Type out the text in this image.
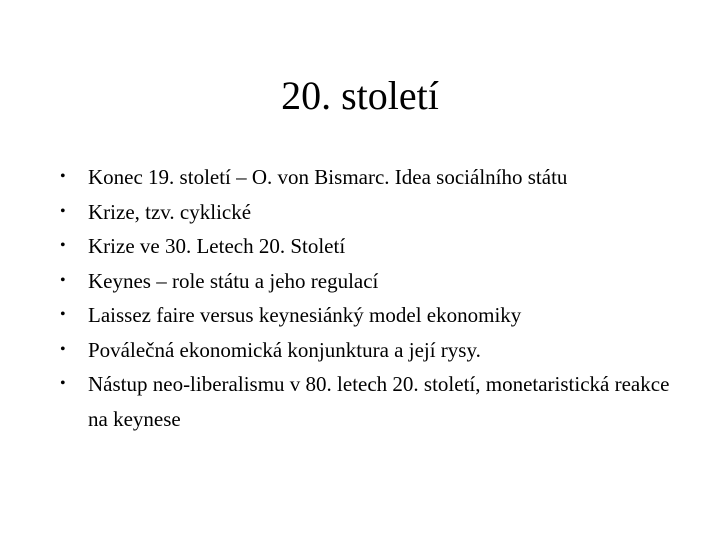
20. století
• Konec 19. století – O. von Bismarc. Idea sociálního státu
• Krize, tzv. cyklické
• Krize ve 30. Letech 20. Století
• Keynes – role státu a jeho regulací
• Laissez faire versus keynesiánký model ekonomiky
• Poválečná ekonomická konjunktura a její rysy.
• Nástup neo-liberalismu v 80. letech 20. století, monetaristická reakce na keynese
